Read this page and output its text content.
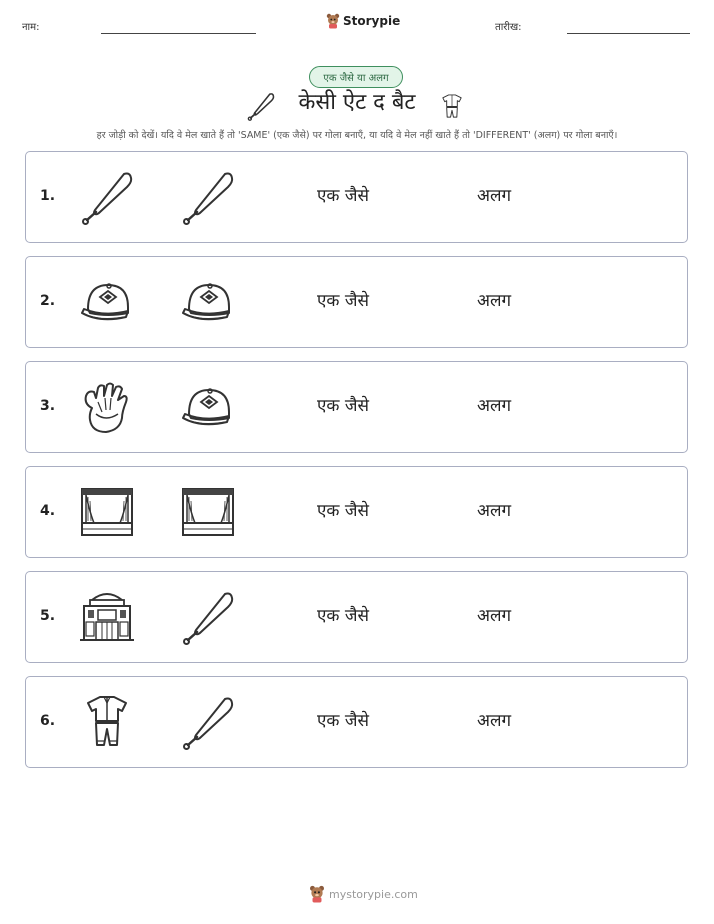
नाम:	Storypie	तारीख:
एक जैसे या अलग
केसी ऐट द बैट
हर जोड़ी को देखें। यदि वे मेल खाते हैं तो 'SAME' (एक जैसे) पर गोला बनाएँ, या यदि वे मेल नहीं खाते हैं तो 'DIFFERENT' (अलग) पर गोला बनाएँ।
1.	एक जैसे	अलग
2.	एक जैसे	अलग
3.	एक जैसे	अलग
4.	एक जैसे	अलग
5.	एक जैसे	अलग
6.	एक जैसे	अलग
mystorypie.com
